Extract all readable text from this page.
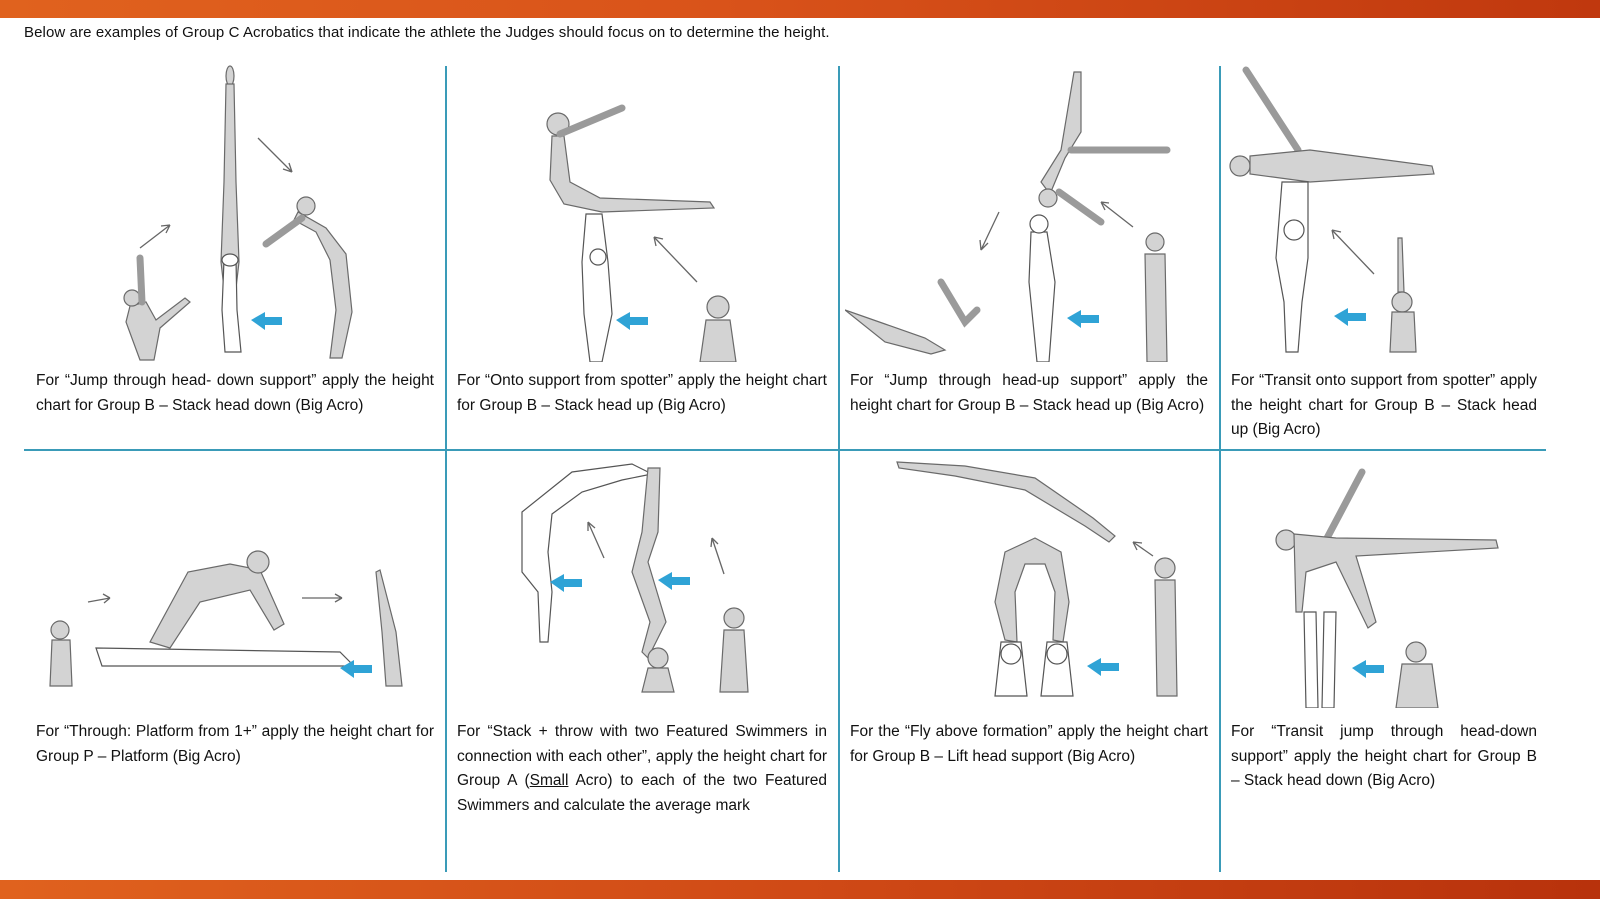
Below are examples of Group C Acrobatics that indicate the athlete the Judges should focus on to determine the height.
For “Jump through head- down support” apply the height chart for Group B – Stack head down (Big Acro)
For “Onto support from spotter” apply the height chart for Group B – Stack head up (Big Acro)
For “Jump through head-up support” apply the height chart for Group B – Stack head up (Big Acro)
For “Transit onto support from spotter” apply the height chart for Group B – Stack head up (Big Acro)
For “Through: Platform from 1+” apply the height chart for Group P – Platform (Big Acro)
For “Stack + throw with two Featured Swimmers in connection with each other”, apply the height chart for Group A (Small Acro) to each of the two Featured Swimmers and calculate the average mark
For the “Fly above formation” apply the height chart for Group B – Lift head support (Big Acro)
For “Transit jump through head-down support” apply the height chart for Group B – Stack head down (Big Acro)
